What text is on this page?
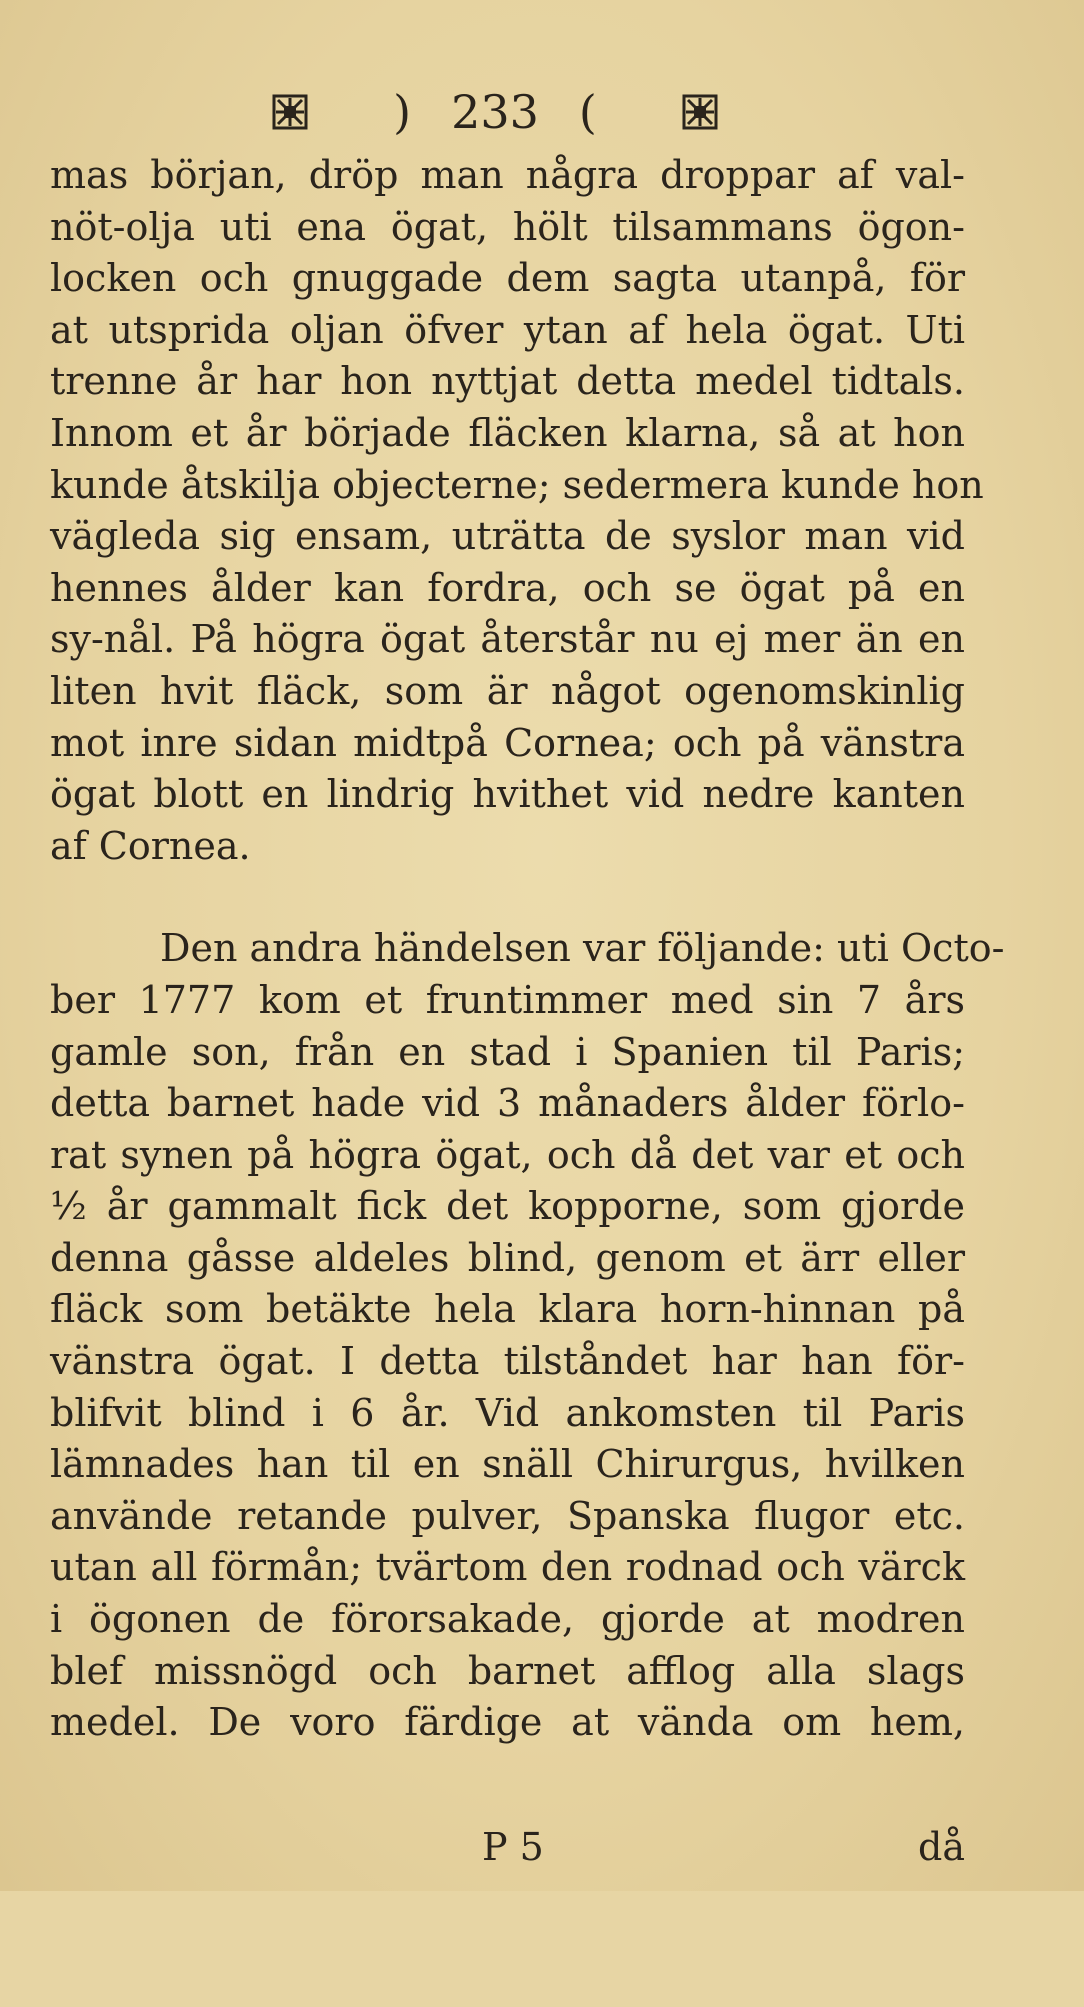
) 233 (
mas början, dröp man några droppar af val-
nöt-olja uti ena ögat, hölt tilsammans ögon-
locken och gnuggade dem sagta utanpå, för
at utsprida oljan öfver ytan af hela ögat. Uti
trenne år har hon nyttjat detta medel tidtals.
Innom et år började fläcken klarna, så at hon
kunde åtskilja objecterne; sedermera kunde hon
vägleda sig ensam, uträtta de syslor man vid
hennes ålder kan fordra, och se ögat på en
sy-nål. På högra ögat återstår nu ej mer än en
liten hvit fläck, som är något ogenomskinlig
mot inre sidan midtpå Cornea; och på vänstra
ögat blott en lindrig hvithet vid nedre kanten
af Cornea.
Den andra händelsen var följande: uti Octo-
ber 1777 kom et fruntimmer med sin 7 års
gamle son, från en stad i Spanien til Paris;
detta barnet hade vid 3 månaders ålder förlo-
rat synen på högra ögat, och då det var et och
½ år gammalt fick det kopporne, som gjorde
denna gåsse aldeles blind, genom et ärr eller
fläck som betäkte hela klara horn-hinnan på
vänstra ögat. I detta tilståndet har han för-
blifvit blind i 6 år. Vid ankomsten til Paris
lämnades han til en snäll Chirurgus, hvilken
använde retande pulver, Spanska flugor etc.
utan all förmån; tvärtom den rodnad och värck
i ögonen de förorsakade, gjorde at modren
blef missnögd och barnet afflog alla slags
medel. De voro färdige at vända om hem,
P 5	då
